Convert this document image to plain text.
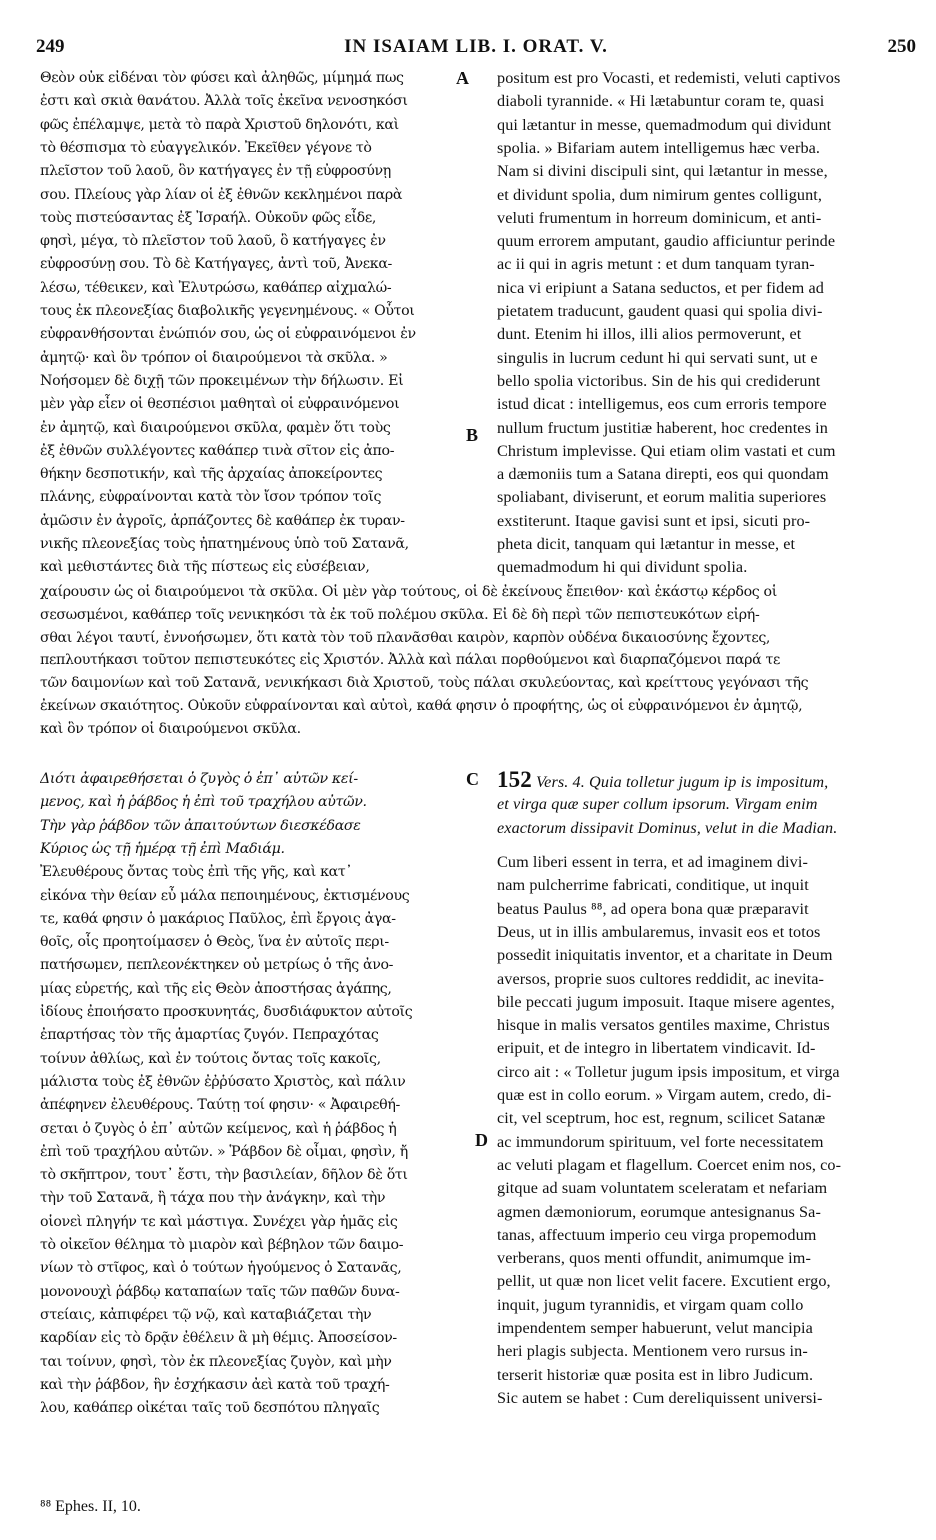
249	IN ISAIAM LIB. I. ORAT. V.	250
Θεὸν οὐκ εἰδέναι τὸν φύσει καὶ ἀληθῶς, μίμημά πως
ἐστι καὶ σκιὰ θανάτου. Ἀλλὰ τοῖς ἐκεῖνα νενοσηκόσι
φῶς ἐπέλαμψε, μετὰ τὸ παρὰ Χριστοῦ δηλονότι, καὶ
τὸ θέσπισμα τὸ εὐαγγελικόν. Ἐκεῖθεν γέγονε τὸ
πλεῖστον τοῦ λαοῦ, ὃν κατήγαγες ἐν τῇ εὐφροσύνῃ
σου. Πλείους γὰρ λίαν οἱ ἐξ ἐθνῶν κεκλημένοι παρὰ
τοὺς πιστεύσαντας ἐξ Ἰσραήλ. Οὐκοῦν φῶς εἶδε,
φησὶ, μέγα, τὸ πλεῖστον τοῦ λαοῦ, ὃ κατήγαγες ἐν
εὐφροσύνῃ σου. Τὸ δὲ Κατήγαγες, ἀντὶ τοῦ, Ἀνεκα-
λέσω, τέθεικεν, καὶ Ἐλυτρώσω, καθάπερ αἰχμαλώ-
τους ἐκ πλεονεξίας διαβολικῆς γεγενημένους. « Οὗτοι
εὐφρανθήσονται ἐνώπιόν σου, ὡς οἱ εὐφραινόμενοι ἐν
ἀμητῷ· καὶ ὃν τρόπον οἱ διαιρούμενοι τὰ σκῦλα. »
Νοήσομεν δὲ διχῇ τῶν προκειμένων τὴν δήλωσιν. Εἰ
μὲν γὰρ εἶεν οἱ θεσπέσιοι μαθηταὶ οἱ εὐφραινόμενοι
ἐν ἀμητῷ, καὶ διαιρούμενοι σκῦλα, φαμὲν ὅτι τοὺς
ἐξ ἐθνῶν συλλέγοντες καθάπερ τινὰ σῖτον εἰς ἀπο-
θήκην δεσποτικήν, καὶ τῆς ἀρχαίας ἀποκείροντες
πλάνης, εὐφραίνονται κατὰ τὸν ἴσον τρόπον τοῖς
ἀμῶσιν ἐν ἀγροῖς, ἁρπάζοντες δὲ καθάπερ ἐκ τυραν-
νικῆς πλεονεξίας τοὺς ἠπατημένους ὑπὸ τοῦ Σατανᾶ,
καὶ μεθιστάντες διὰ τῆς πίστεως εἰς εὐσέβειαν,
positum est pro Vocasti, et redemisti, veluti captivos
diaboli tyrannide. « Hi lætabuntur coram te, quasi
qui lætantur in messe, quemadmodum qui dividunt
spolia. » Bifariam autem intelligemus hæc verba.
Nam si divini discipuli sint, qui lætantur in messe,
et dividunt spolia, dum nimirum gentes colligunt,
veluti frumentum in horreum dominicum, et anti-
quum errorem amputant, gaudio afficiuntur perinde
ac ii qui in agris metunt : et dum tanquam tyran-
nica vi eripiunt a Satana seductos, et per fidem ad
pietatem traducunt, gaudent quasi qui spolia divi-
dunt. Etenim hi illos, illi alios permoverunt, et
singulis in lucrum cedunt hi qui servati sunt, ut e
bello spolia victoribus. Sin de his qui crediderunt
istud dicat : intelligemus, eos cum erroris tempore
nullum fructum justitiæ haberent, hoc credentes in
Christum implevisse. Qui etiam olim vastati et cum
a dæmoniis tum a Satana direpti, eos qui quondam
spoliabant, diviserunt, et eorum malitia superiores
exstiterunt. Itaque gavisi sunt et ipsi, sicuti pro-
pheta dicit, tanquam qui lætantur in messe, et
quemadmodum hi qui dividunt spolia.
χαίρουσιν ὡς οἱ διαιρούμενοι τὰ σκῦλα. Οἱ μὲν γὰρ τούτους, οἱ δὲ ἐκείνους ἔπειθον· καὶ ἑκάστῳ κέρδος οἱ
σεσωσμένοι, καθάπερ τοῖς νενικηκόσι τὰ ἐκ τοῦ πολέμου σκῦλα. Εἰ δὲ δὴ περὶ τῶν πεπιστευκότων εἰρή-
σθαι λέγοι ταυτί, ἐννοήσωμεν, ὅτι κατὰ τὸν τοῦ πλανᾶσθαι καιρὸν, καρπὸν οὐδένα δικαιοσύνης ἔχοντες,
πεπλουτήκασι τοῦτον πεπιστευκότες εἰς Χριστόν. Ἀλλὰ καὶ πάλαι πορθούμενοι καὶ διαρπαζόμενοι παρά τε
τῶν δαιμονίων καὶ τοῦ Σατανᾶ, νενικήκασι διὰ Χριστοῦ, τοὺς πάλαι σκυλεύοντας, καὶ κρείττους γεγόνασι τῆς
ἐκείνων σκαιότητος. Οὐκοῦν εὐφραίνονται καὶ αὐτοὶ, καθά φησιν ὁ προφήτης, ὡς οἱ εὐφραινόμενοι ἐν ἀμητῷ,
καὶ ὃν τρόπον οἱ διαιρούμενοι σκῦλα.
Διότι ἀφαιρεθήσεται ὁ ζυγὸς ὁ ἐπ᾿ αὐτῶν κεί-
μενος, καὶ ἡ ῥάβδος ἡ ἐπὶ τοῦ τραχήλου αὐτῶν.
Τὴν γὰρ ῥάβδον τῶν ἀπαιτούντων διεσκέδασε
Κύριος ὡς τῇ ἡμέρᾳ τῇ ἐπὶ Μαδιάμ.
Ἐλευθέρους ὄντας τοὺς ἐπὶ τῆς γῆς, καὶ κατ᾿
εἰκόνα τὴν θείαν εὖ μάλα πεποιημένους, ἐκτισμένους
τε, καθά φησιν ὁ μακάριος Παῦλος, ἐπὶ ἔργοις ἀγα-
θοῖς, οἷς προητοίμασεν ὁ Θεὸς, ἵνα ἐν αὐτοῖς περι-
πατήσωμεν, πεπλεονέκτηκεν οὐ μετρίως ὁ τῆς ἀνο-
μίας εὑρετής, καὶ τῆς εἰς Θεὸν ἀποστήσας ἀγάπης,
ἰδίους ἐποιήσατο προσκυνητάς, δυσδιάφυκτον αὐτοῖς
ἐπαρτήσας τὸν τῆς ἁμαρτίας ζυγόν. Πεπραχότας
τοίνυν ἀθλίως, καὶ ἐν τούτοις ὄντας τοῖς κακοῖς,
μάλιστα τοὺς ἐξ ἐθνῶν ἐῤῥύσατο Χριστὸς, καὶ πάλιν
ἀπέφηνεν ἐλευθέρους. Ταύτῃ τοί φησιν· « Ἀφαιρεθή-
σεται ὁ ζυγὸς ὁ ἐπ᾿ αὐτῶν κείμενος, καὶ ἡ ῥάβδος ἡ
ἐπὶ τοῦ τραχήλου αὐτῶν. » Ῥάβδον δὲ οἶμαι, φησὶν, ἤ
τὸ σκῆπτρον, τουτ᾿ ἔστι, τὴν βασιλείαν, δῆλον δὲ ὅτι
τὴν τοῦ Σατανᾶ, ἢ τάχα που τὴν ἀνάγκην, καὶ τὴν
οἱονεὶ πληγήν τε καὶ μάστιγα. Συνέχει γὰρ ἡμᾶς εἰς
τὸ οἰκεῖον θέλημα τὸ μιαρὸν καὶ βέβηλον τῶν δαιμο-
νίων τὸ στῖφος, καὶ ὁ τούτων ἡγούμενος ὁ Σατανᾶς,
μονονουχὶ ῥάβδῳ καταπαίων ταῖς τῶν παθῶν δυνα-
στείαις, κἀπιφέρει τῷ νῷ, καὶ καταβιάζεται τὴν
καρδίαν εἰς τὸ δρᾷν ἐθέλειν ἃ μὴ θέμις. Ἀποσείσον-
ται τοίνυν, φησὶ, τὸν ἐκ πλεονεξίας ζυγὸν, καὶ μὴν
καὶ τὴν ῥάβδον, ἣν ἐσχήκασιν ἀεὶ κατὰ τοῦ τραχή-
λου, καθάπερ οἰκέται ταῖς τοῦ δεσπότου πληγαῖς
152 Vers. 4. Quia tolletur jugum ip is impositum,
et virga quæ super collum ipsorum. Virgam enim
exactorum dissipavit Dominus, velut in die Madian.
Cum liberi essent in terra, et ad imaginem divi-
nam pulcherrime fabricati, conditique, ut inquit
beatus Paulus ⁸⁸, ad opera bona quæ præparavit
Deus, ut in illis ambularemus, invasit eos et totos
possedit iniquitatis inventor, et a charitate in Deum
aversos, proprie suos cultores reddidit, ac inevita-
bile peccati jugum imposuit. Itaque misere agentes,
hisque in malis versatos gentiles maxime, Christus
eripuit, et de integro in libertatem vindicavit. Id-
circo ait : « Tolletur jugum ipsis impositum, et virga
quæ est in collo eorum. » Virgam autem, credo, di-
cit, vel sceptrum, hoc est, regnum, scilicet Satanæ
ac immundorum spirituum, vel forte necessitatem
ac veluti plagam et flagellum. Coercet enim nos, co-
gitque ad suam voluntatem sceleratam et nefariam
agmen dæmoniorum, eorumque antesignanus Sa-
tanas, affectuum imperio ceu virga propemodum
verberans, quos menti offundit, animumque im-
pellit, ut quæ non licet velit facere. Excutient ergo,
inquit, jugum tyrannidis, et virgam quam collo
impendentem semper habuerunt, velut mancipia
heri plagis subjecta. Mentionem vero rursus in-
terserit historiæ quæ posita est in libro Judicum.
Sic autem se habet : Cum dereliquissent universi-
A
B
C
D
⁸⁸ Ephes. II, 10.
